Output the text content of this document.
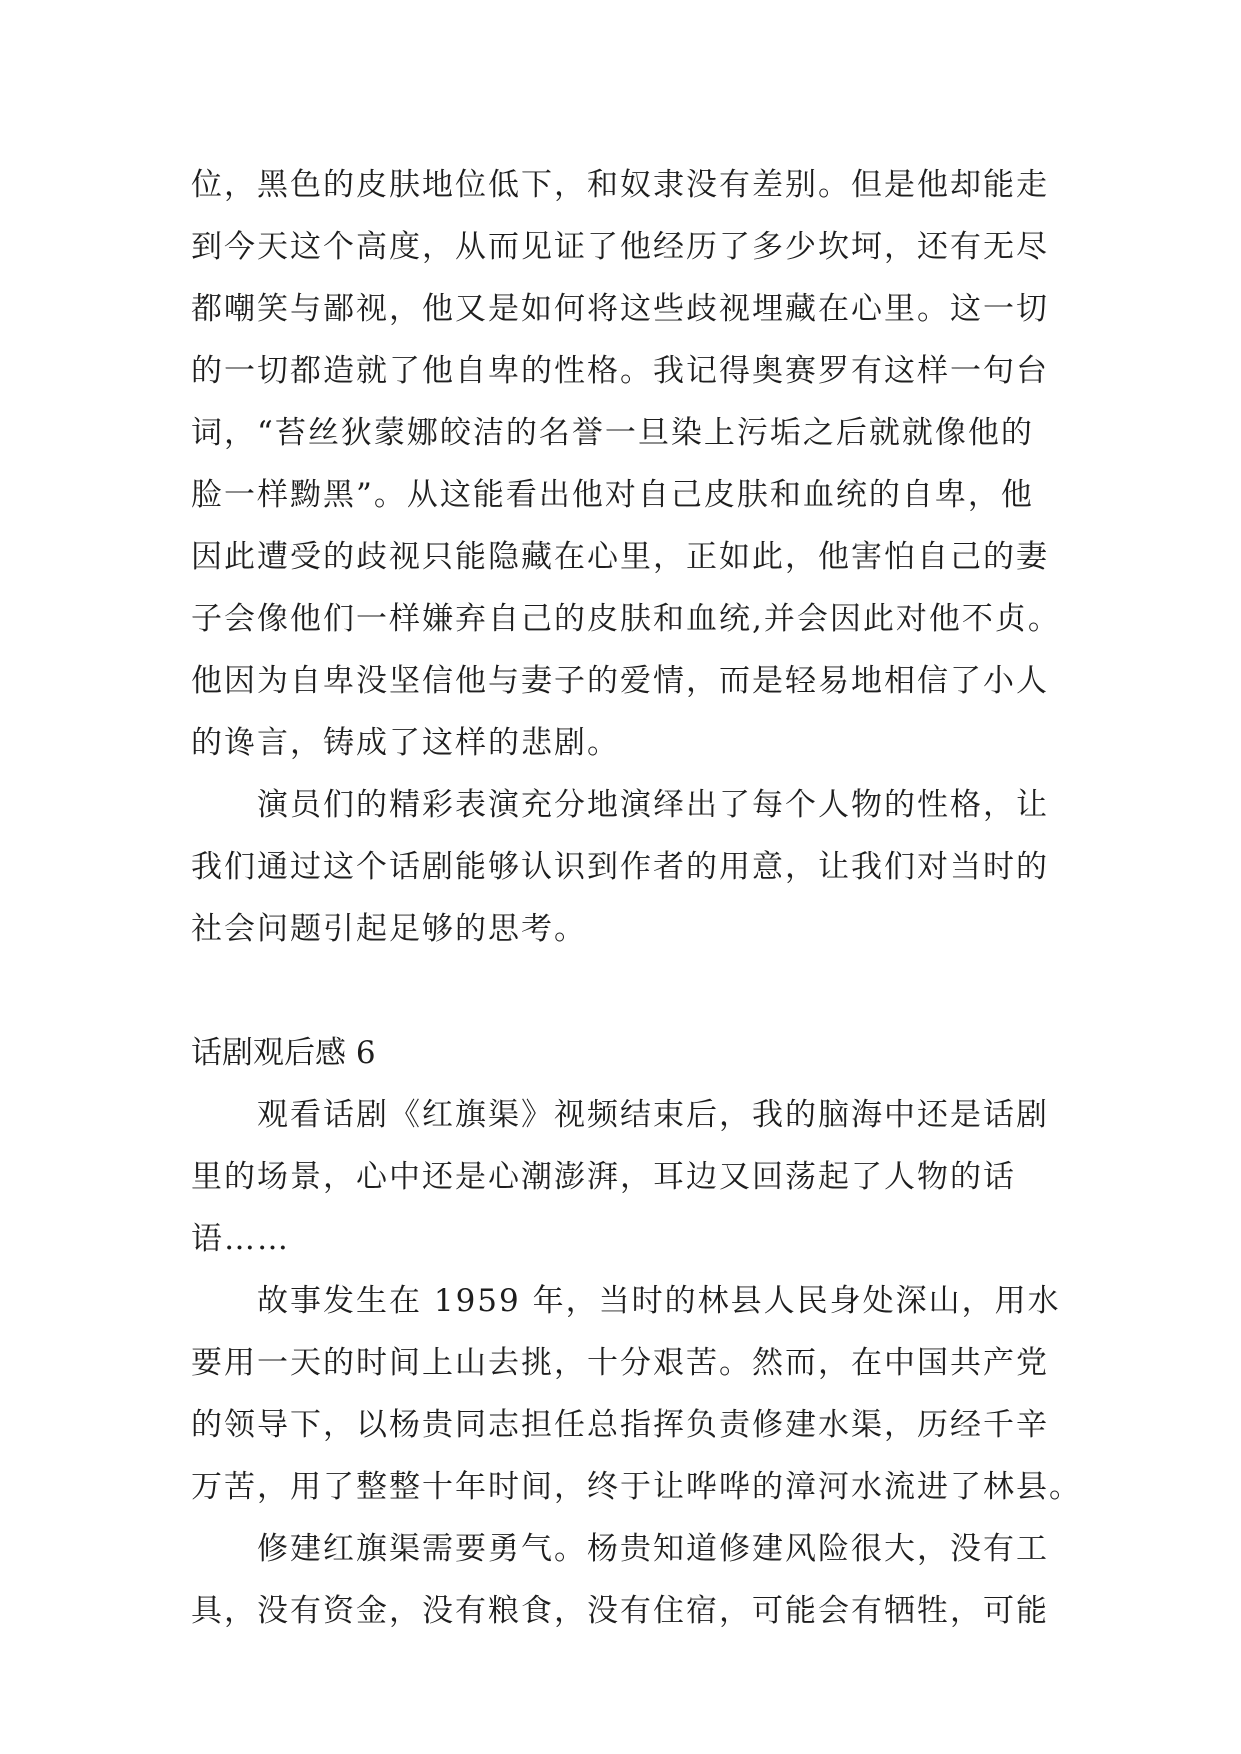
位，黑色的皮肤地位低下，和奴隶没有差别。但是他却能走
到今天这个高度，从而见证了他经历了多少坎坷，还有无尽
都嘲笑与鄙视，他又是如何将这些歧视埋藏在心里。这一切
的一切都造就了他自卑的性格。我记得奥赛罗有这样一句台
词，“苔丝狄蒙娜皎洁的名誉一旦染上污垢之后就就像他的
脸一样黝黑”。从这能看出他对自己皮肤和血统的自卑，他
因此遭受的歧视只能隐藏在心里，正如此，他害怕自己的妻
子会像他们一样嫌弃自己的皮肤和血统,并会因此对他不贞。
他因为自卑没坚信他与妻子的爱情，而是轻易地相信了小人
的谗言，铸成了这样的悲剧。
　　演员们的精彩表演充分地演绎出了每个人物的性格，让
我们通过这个话剧能够认识到作者的用意，让我们对当时的
社会问题引起足够的思考。
话剧观后感 6
　　观看话剧《红旗渠》视频结束后，我的脑海中还是话剧
里的场景，心中还是心潮澎湃，耳边又回荡起了人物的话
语……
　　故事发生在 1959 年，当时的林县人民身处深山，用水
要用一天的时间上山去挑，十分艰苦。然而，在中国共产党
的领导下，以杨贵同志担任总指挥负责修建水渠，历经千辛
万苦，用了整整十年时间，终于让哗哗的漳河水流进了林县。
　　修建红旗渠需要勇气。杨贵知道修建风险很大，没有工
具，没有资金，没有粮食，没有住宿，可能会有牺牲，可能
